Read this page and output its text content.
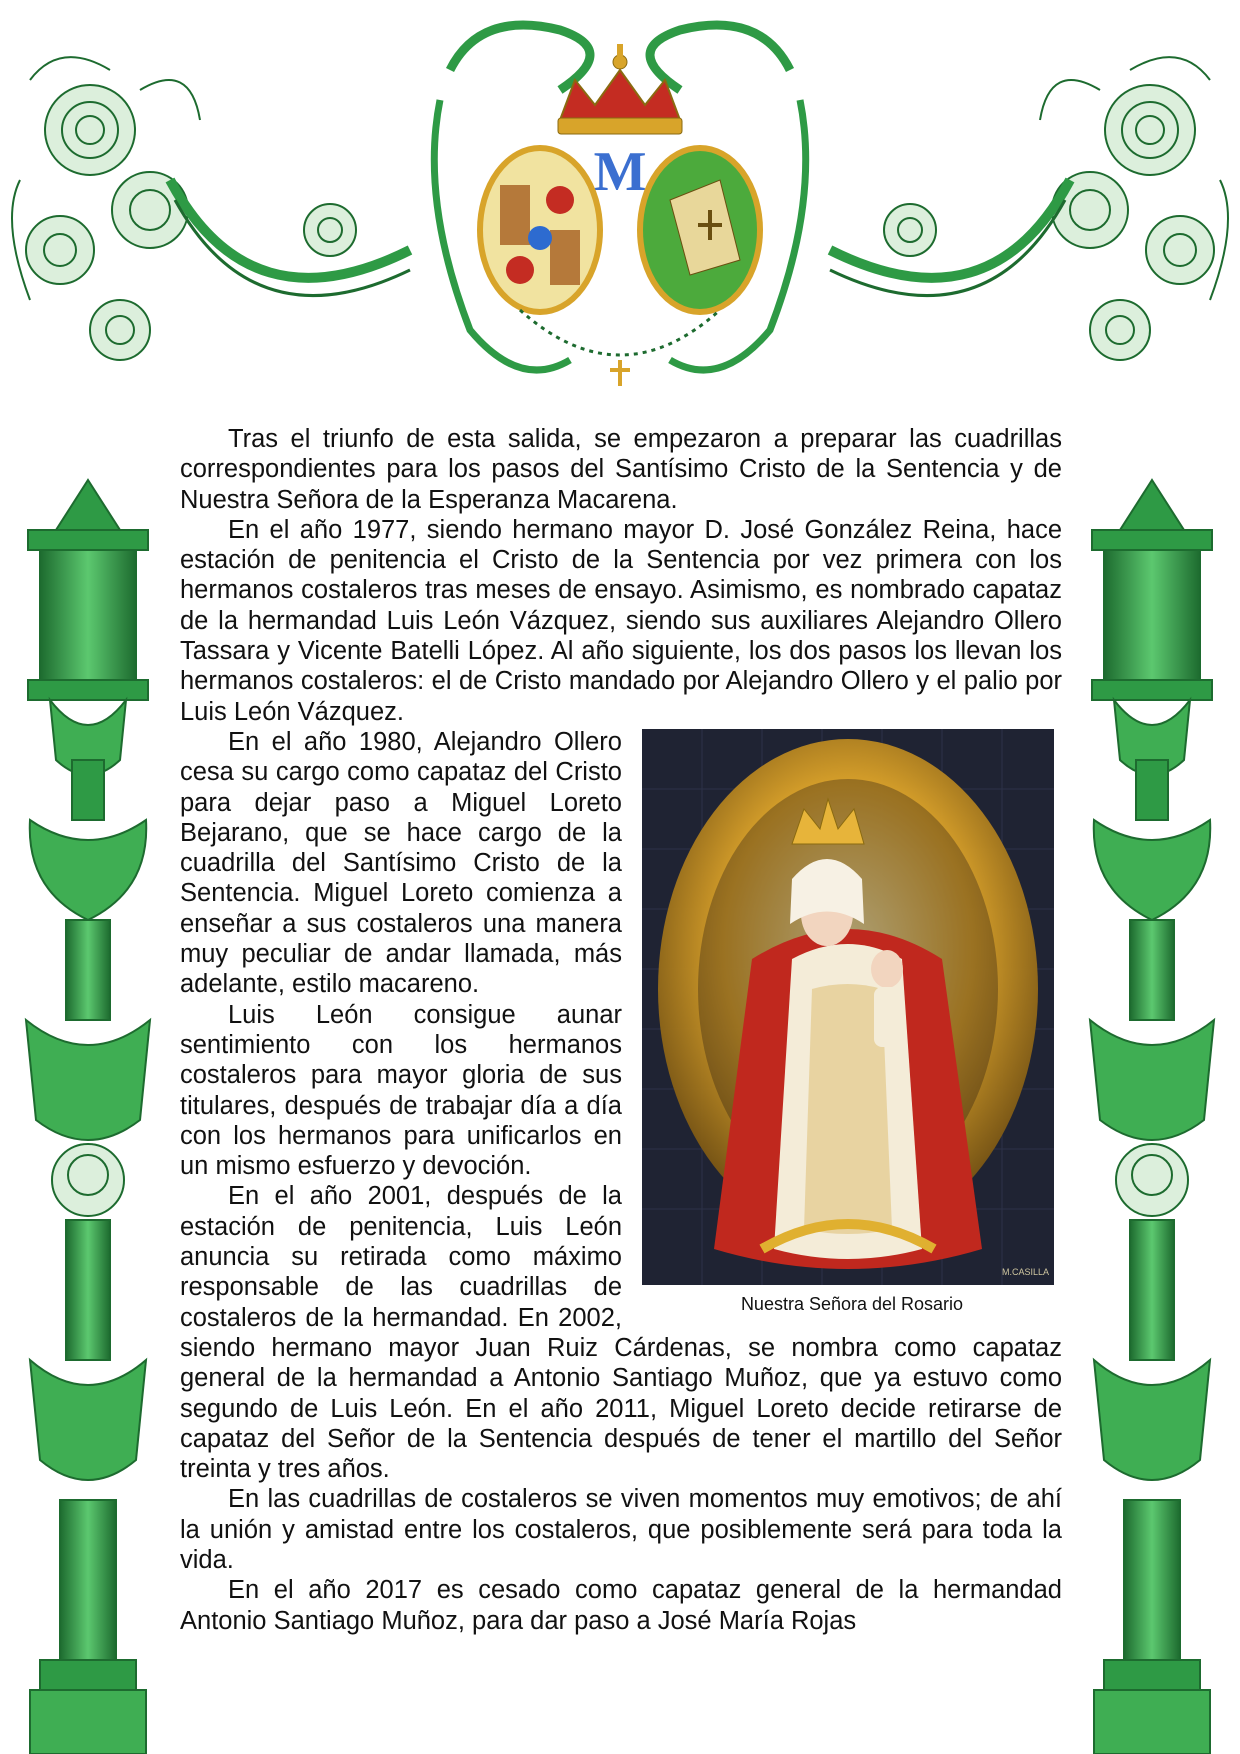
M

Tras el triunfo de esta salida, se empezaron a preparar las cuadrillas correspondientes para los pasos del Santísimo Cristo de la Sentencia y de Nuestra Señora de la Esperanza Macarena.

En el año 1977, siendo hermano mayor D. José González Reina, hace estación de penitencia el Cristo de la Sentencia por vez primera con los hermanos costaleros tras meses de ensayo. Asimismo, es nombrado capataz de la hermandad Luis León Vázquez, siendo sus auxiliares Alejandro Ollero Tassara y Vicente Batelli López. Al año siguiente, los dos pasos los llevan los hermanos costaleros: el de Cristo mandado por Alejandro Ollero y el palio por Luis León Vázquez.

M.CASILLA
Nuestra Señora del Rosario

En el año 1980, Alejandro Ollero cesa su cargo como capataz del Cristo para dejar paso a Miguel Loreto Bejarano, que se hace cargo de la cuadrilla del Santísimo Cristo de la Sentencia. Miguel Loreto comienza a enseñar a sus costaleros una manera muy peculiar de andar llamada, más adelante, estilo macareno.

Luis León consigue aunar sentimiento con los hermanos costaleros para mayor gloria de sus titulares, después de trabajar día a día con los hermanos para unificarlos en un mismo esfuerzo y devoción.

En el año 2001, después de la estación de penitencia, Luis León anuncia su retirada como máximo responsable de las cuadrillas de costaleros de la hermandad. En 2002, siendo hermano mayor Juan Ruiz Cárdenas, se nombra como capataz general de la hermandad a Antonio Santiago Muñoz, que ya estuvo como segundo de Luis León. En el año 2011, Miguel Loreto decide retirarse de capataz del Señor de la Sentencia después de tener el martillo del Señor treinta y tres años.

En las cuadrillas de costaleros se viven momentos muy emotivos; de ahí la unión y amistad entre los costaleros, que posiblemente será para toda la vida.

En el año 2017 es cesado como capataz general de la hermandad Antonio Santiago Muñoz, para dar paso a José María Rojas
